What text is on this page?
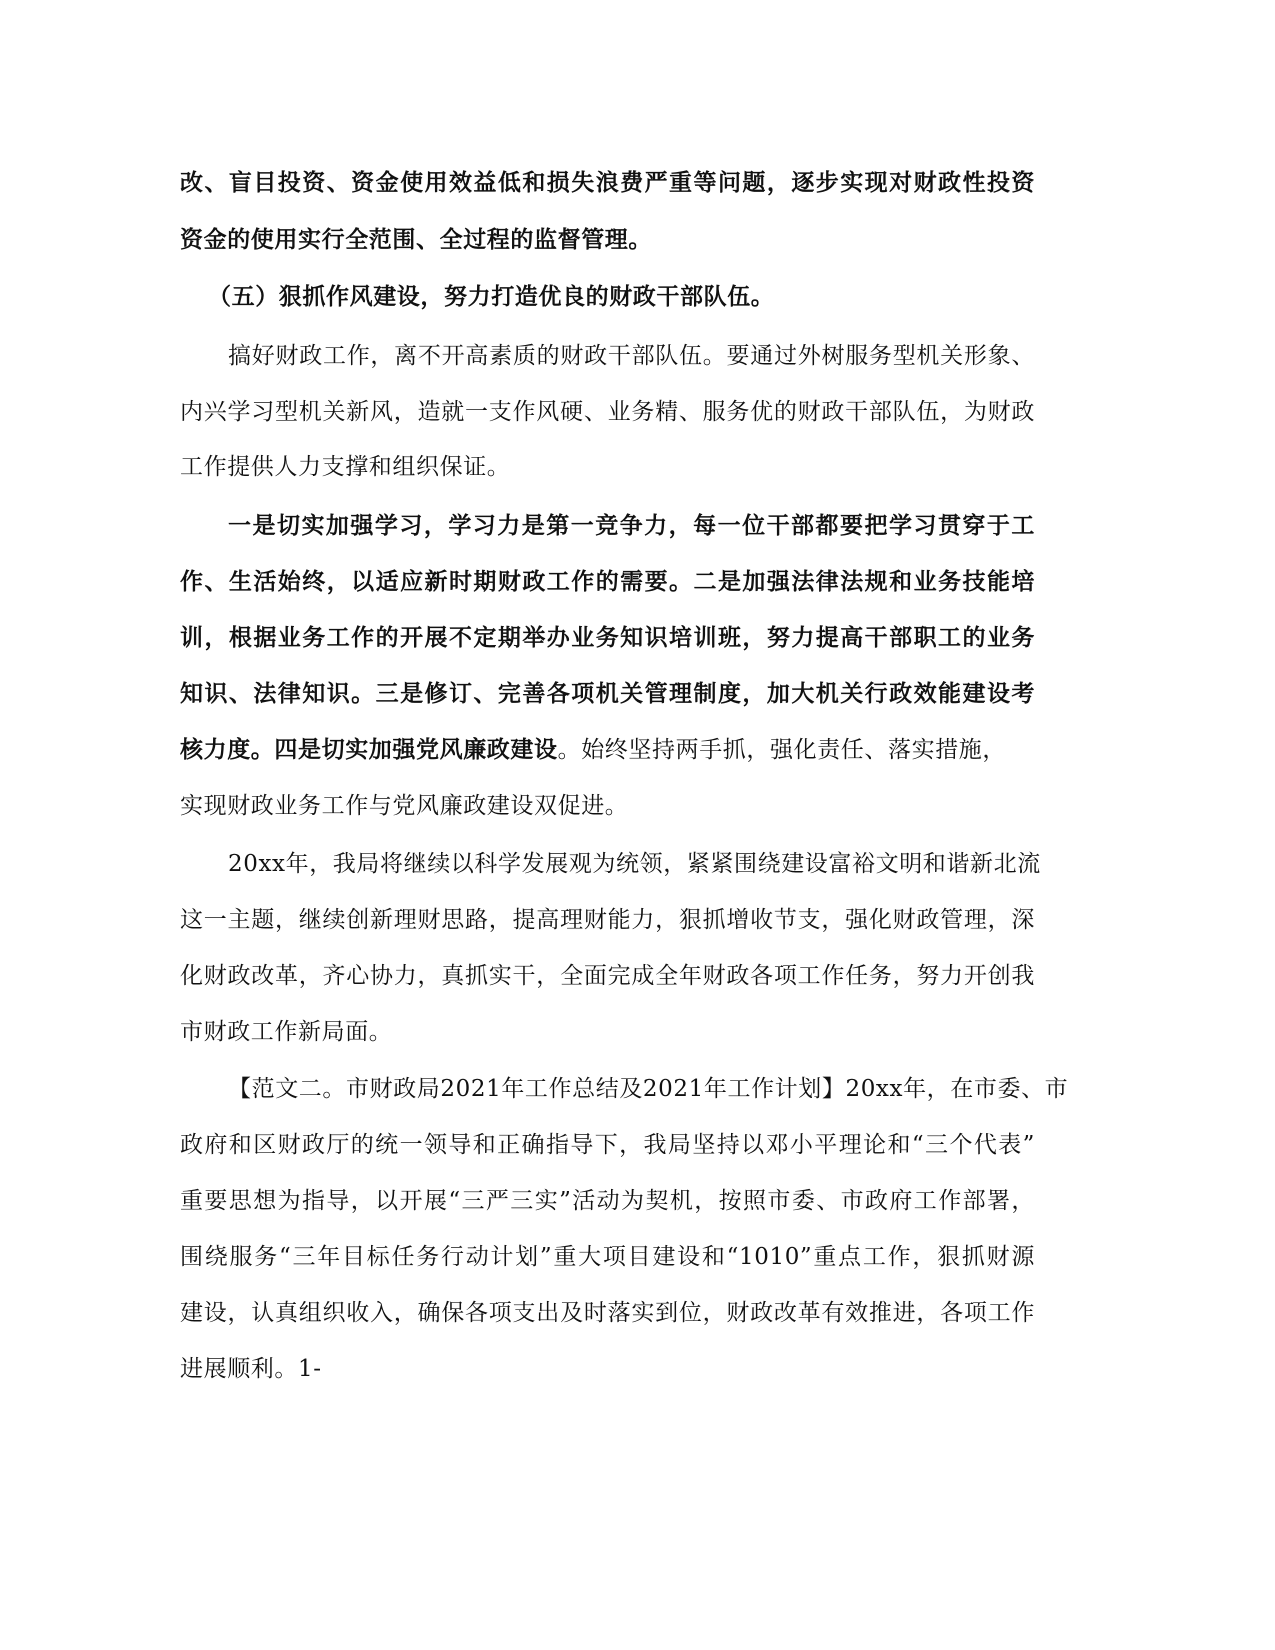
改、盲目投资、资金使用效益低和损失浪费严重等问题，逐步实现对财政性投资
资金的使用实行全范围、全过程的监督管理。
（五）狠抓作风建设，努力打造优良的财政干部队伍。
搞好财政工作，离不开高素质的财政干部队伍。要通过外树服务型机关形象、
内兴学习型机关新风，造就一支作风硬、业务精、服务优的财政干部队伍，为财政
工作提供人力支撑和组织保证。
一是切实加强学习，学习力是第一竞争力，每一位干部都要把学习贯穿于工
作、生活始终，以适应新时期财政工作的需要。二是加强法律法规和业务技能培
训，根据业务工作的开展不定期举办业务知识培训班，努力提高干部职工的业务
知识、法律知识。三是修订、完善各项机关管理制度，加大机关行政效能建设考
核力度。四是切实加强党风廉政建设。始终坚持两手抓，强化责任、落实措施，
实现财政业务工作与党风廉政建设双促进。
20xx年，我局将继续以科学发展观为统领，紧紧围绕建设富裕文明和谐新北流
这一主题，继续创新理财思路，提高理财能力，狠抓增收节支，强化财政管理，深
化财政改革，齐心协力，真抓实干，全面完成全年财政各项工作任务，努力开创我
市财政工作新局面。
【范文二。市财政局2021年工作总结及2021年工作计划】20xx年，在市委、市
政府和区财政厅的统一领导和正确指导下，我局坚持以邓小平理论和“三个代表”
重要思想为指导，以开展“三严三实”活动为契机，按照市委、市政府工作部署，
围绕服务“三年目标任务行动计划”重大项目建设和“1010”重点工作，狠抓财源
建设，认真组织收入，确保各项支出及时落实到位，财政改革有效推进，各项工作
进展顺利。1-
